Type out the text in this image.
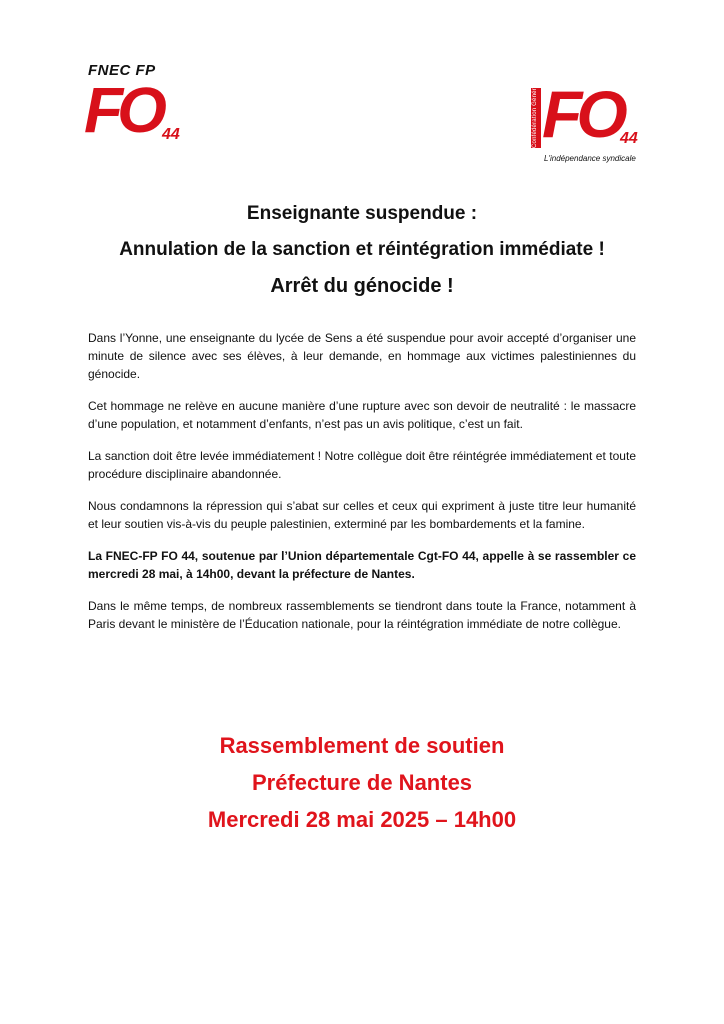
FNEC FP
FO 44	Confédération Générale du Travail FO
44
L'indépendance syndicale

Enseignante suspendue :

Annulation de la sanction et réintégration immédiate !

Arrêt du génocide !

Dans l’Yonne, une enseignante du lycée de Sens a été suspendue pour avoir accepté d’organiser une minute de silence avec ses élèves, à leur demande, en hommage aux victimes palestiniennes du génocide.

Cet hommage ne relève en aucune manière d’une rupture avec son devoir de neutralité : le massacre d’une population, et notamment d’enfants, n’est pas un avis politique, c’est un fait.

La sanction doit être levée immédiatement ! Notre collègue doit être réintégrée immédiatement et toute procédure disciplinaire abandonnée.

Nous condamnons la répression qui s’abat sur celles et ceux qui expriment à juste titre leur humanité et leur soutien vis-à-vis du peuple palestinien, exterminé par les bombardements et la famine.

La FNEC-FP FO 44, soutenue par l’Union départementale Cgt-FO 44, appelle à se rassembler ce mercredi 28 mai, à 14h00, devant la préfecture de Nantes.

Dans le même temps, de nombreux rassemblements se tiendront dans toute la France, notamment à Paris devant le ministère de l’Éducation nationale, pour la réintégration immédiate de notre collègue.

Rassemblement de soutien

Préfecture de Nantes

Mercredi 28 mai 2025 – 14h00
